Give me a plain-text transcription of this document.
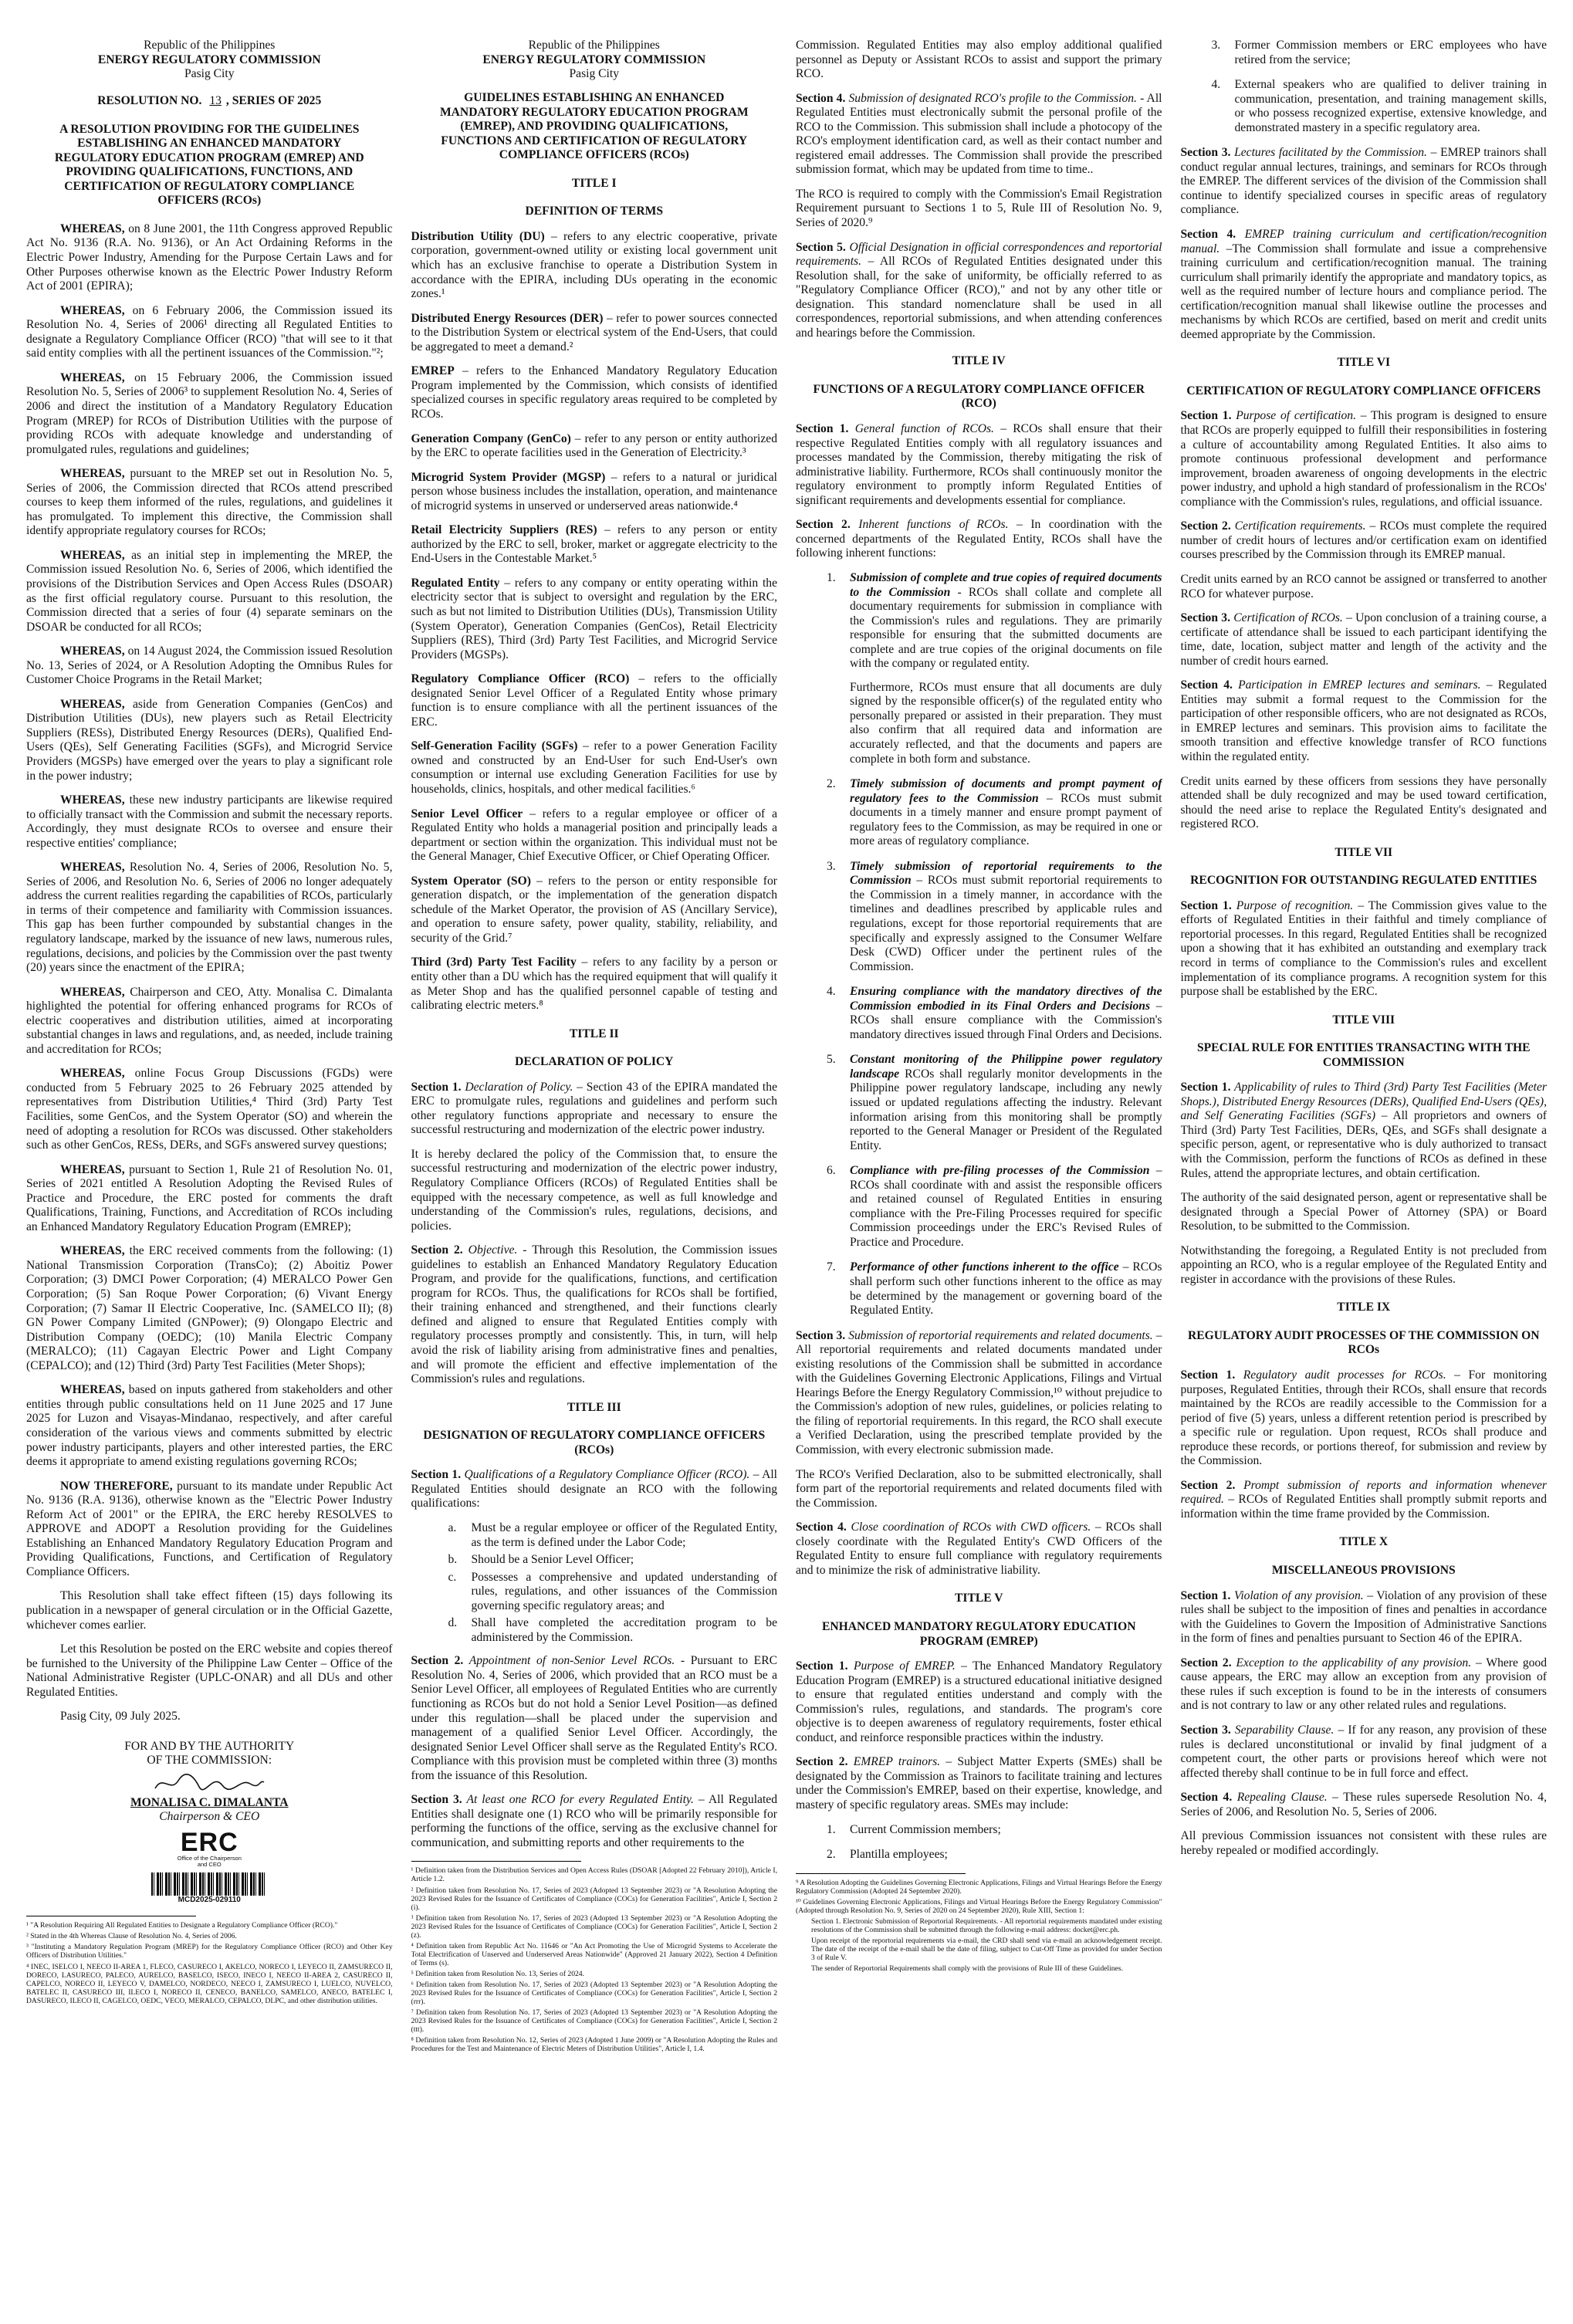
Republic of the Philippines
ENERGY REGULATORY COMMISSION
Pasig City
RESOLUTION NO. 13 , SERIES OF 2025
A RESOLUTION PROVIDING FOR THE GUIDELINES ESTABLISHING AN ENHANCED MANDATORY REGULATORY EDUCATION PROGRAM (EMREP) AND PROVIDING QUALIFICATIONS, FUNCTIONS, AND CERTIFICATION OF REGULATORY COMPLIANCE OFFICERS (RCOs)

WHEREAS, on 8 June 2001, the 11th Congress approved Republic Act No. 9136 (R.A. No. 9136), or An Act Ordaining Reforms in the Electric Power Industry, Amending for the Purpose Certain Laws and for Other Purposes otherwise known as the Electric Power Industry Reform Act of 2001 (EPIRA);

WHEREAS, on 6 February 2006, the Commission issued its Resolution No. 4, Series of 2006¹ directing all Regulated Entities to designate a Regulatory Compliance Officer (RCO) "that will see to it that said entity complies with all the pertinent issuances of the Commission."²;

WHEREAS, on 15 February 2006, the Commission issued Resolution No. 5, Series of 2006³ to supplement Resolution No. 4, Series of 2006 and direct the institution of a Mandatory Regulatory Education Program (MREP) for RCOs of Distribution Utilities with the purpose of providing RCOs with adequate knowledge and understanding of promulgated rules, regulations and guidelines;

WHEREAS, pursuant to the MREP set out in Resolution No. 5, Series of 2006, the Commission directed that RCOs attend prescribed courses to keep them informed of the rules, regulations, and guidelines it has promulgated. To implement this directive, the Commission shall identify appropriate regulatory courses for RCOs;

WHEREAS, as an initial step in implementing the MREP, the Commission issued Resolution No. 6, Series of 2006, which identified the provisions of the Distribution Services and Open Access Rules (DSOAR) as the first official regulatory course. Pursuant to this resolution, the Commission directed that a series of four (4) separate seminars on the DSOAR be conducted for all RCOs;

WHEREAS, on 14 August 2024, the Commission issued Resolution No. 13, Series of 2024, or A Resolution Adopting the Omnibus Rules for Customer Choice Programs in the Retail Market;

WHEREAS, aside from Generation Companies (GenCos) and Distribution Utilities (DUs), new players such as Retail Electricity Suppliers (RESs), Distributed Energy Resources (DERs), Qualified End-Users (QEs), Self Generating Facilities (SGFs), and Microgrid Service Providers (MGSPs) have emerged over the years to play a significant role in the power industry;

WHEREAS, these new industry participants are likewise required to officially transact with the Commission and submit the necessary reports. Accordingly, they must designate RCOs to oversee and ensure their respective entities' compliance;

WHEREAS, Resolution No. 4, Series of 2006, Resolution No. 5, Series of 2006, and Resolution No. 6, Series of 2006 no longer adequately address the current realities regarding the capabilities of RCOs, particularly in terms of their competence and familiarity with Commission issuances. This gap has been further compounded by substantial changes in the regulatory landscape, marked by the issuance of new laws, numerous rules, regulations, decisions, and policies by the Commission over the past twenty (20) years since the enactment of the EPIRA;

WHEREAS, Chairperson and CEO, Atty. Monalisa C. Dimalanta highlighted the potential for offering enhanced programs for RCOs of electric cooperatives and distribution utilities, aimed at incorporating substantial changes in laws and regulations, and, as needed, include training and accreditation for RCOs;

WHEREAS, online Focus Group Discussions (FGDs) were conducted from 5 February 2025 to 26 February 2025 attended by representatives from Distribution Utilities,⁴ Third (3rd) Party Test Facilities, some GenCos, and the System Operator (SO) and wherein the need of adopting a resolution for RCOs was discussed. Other stakeholders such as other GenCos, RESs, DERs, and SGFs answered survey questions;

WHEREAS, pursuant to Section 1, Rule 21 of Resolution No. 01, Series of 2021 entitled A Resolution Adopting the Revised Rules of Practice and Procedure, the ERC posted for comments the draft Qualifications, Training, Functions, and Accreditation of RCOs including an Enhanced Mandatory Regulatory Education Program (EMREP);

WHEREAS, the ERC received comments from the following: (1) National Transmission Corporation (TransCo); (2) Aboitiz Power Corporation; (3) DMCI Power Corporation; (4) MERALCO Power Gen Corporation; (5) San Roque Power Corporation; (6) Vivant Energy Corporation; (7) Samar II Electric Cooperative, Inc. (SAMELCO II); (8) GN Power Company Limited (GNPower); (9) Olongapo Electric and Distribution Company (OEDC); (10) Manila Electric Company (MERALCO); (11) Cagayan Electric Power and Light Company (CEPALCO); and (12) Third (3rd) Party Test Facilities (Meter Shops);

WHEREAS, based on inputs gathered from stakeholders and other entities through public consultations held on 11 June 2025 and 17 June 2025 for Luzon and Visayas-Mindanao, respectively, and after careful consideration of the various views and comments submitted by electric power industry participants, players and other interested parties, the ERC deems it appropriate to amend existing regulations governing RCOs;

NOW THEREFORE, pursuant to its mandate under Republic Act No. 9136 (R.A. 9136), otherwise known as the "Electric Power Industry Reform Act of 2001" or the EPIRA, the ERC hereby RESOLVES to APPROVE and ADOPT a Resolution providing for the Guidelines Establishing an Enhanced Mandatory Regulatory Education Program and Providing Qualifications, Functions, and Certification of Regulatory Compliance Officers.

This Resolution shall take effect fifteen (15) days following its publication in a newspaper of general circulation or in the Official Gazette, whichever comes earlier.

Let this Resolution be posted on the ERC website and copies thereof be furnished to the University of the Philippine Law Center – Office of the National Administrative Register (UPLC-ONAR) and all DUs and other Regulated Entities.

Pasig City, 09 July 2025.

FOR AND BY THE AUTHORITY
OF THE COMMISSION:
MONALISA C. DIMALANTA
Chairperson & CEO
ERC
Office of the Chairperson and CEO
MCD2025-029110
¹ "A Resolution Requiring All Regulated Entities to Designate a Regulatory Compliance Officer (RCO)."
² Stated in the 4th Whereas Clause of Resolution No. 4, Series of 2006.
³ "Instituting a Mandatory Regulation Program (MREP) for the Regulatory Compliance Officer (RCO) and Other Key Officers of Distribution Utilities."
⁴ INEC, ISELCO I, NEECO II-AREA 1, FLECO, CASURECO I, AKELCO, NORECO I, LEYECO II, ZAMSURECO II, DORECO, LASURECO, PALECO, AURELCO, BASELCO, ISECO, INECO I, NEECO II-AREA 2, CASURECO II, CAPELCO, NORECO II, LEYECO V, DAMELCO, NORDECO, NEECO I, ZAMSURECO I, LUELCO, NUVELCO, BATELEC II, CASURECO III, ILECO I, NORECO II, CENECO, BANELCO, SAMELCO, ANECO, BATELEC I, DASURECO, ILECO II, CAGELCO, OEDC, VECO, MERALCO, CEPALCO, DLPC, and other distribution utilities.
Republic of the Philippines
ENERGY REGULATORY COMMISSION
Pasig City
GUIDELINES ESTABLISHING AN ENHANCED MANDATORY REGULATORY EDUCATION PROGRAM (EMREP), AND PROVIDING QUALIFICATIONS, FUNCTIONS AND CERTIFICATION OF REGULATORY COMPLIANCE OFFICERS (RCOs)
TITLE I
DEFINITION OF TERMS

Distribution Utility (DU) – refers to any electric cooperative, private corporation, government-owned utility or existing local government unit which has an exclusive franchise to operate a Distribution System in accordance with the EPIRA, including DUs operating in the economic zones.¹

Distributed Energy Resources (DER) – refer to power sources connected to the Distribution System or electrical system of the End-Users, that could be aggregated to meet a demand.²

EMREP – refers to the Enhanced Mandatory Regulatory Education Program implemented by the Commission, which consists of identified specialized courses in specific regulatory areas required to be completed by RCOs.

Generation Company (GenCo) – refer to any person or entity authorized by the ERC to operate facilities used in the Generation of Electricity.³

Microgrid System Provider (MGSP) – refers to a natural or juridical person whose business includes the installation, operation, and maintenance of microgrid systems in unserved or underserved areas nationwide.⁴

Retail Electricity Suppliers (RES) – refers to any person or entity authorized by the ERC to sell, broker, market or aggregate electricity to the End-Users in the Contestable Market.⁵

Regulated Entity – refers to any company or entity operating within the electricity sector that is subject to oversight and regulation by the ERC, such as but not limited to Distribution Utilities (DUs), Transmission Utility (System Operator), Generation Companies (GenCos), Retail Electricity Suppliers (RES), Third (3rd) Party Test Facilities, and Microgrid Service Providers (MGSPs).

Regulatory Compliance Officer (RCO) – refers to the officially designated Senior Level Officer of a Regulated Entity whose primary function is to ensure compliance with all the pertinent issuances of the ERC.

Self-Generation Facility (SGFs) – refer to a power Generation Facility owned and constructed by an End-User for such End-User's own consumption or internal use excluding Generation Facilities for use by households, clinics, hospitals, and other medical facilities.⁶

Senior Level Officer – refers to a regular employee or officer of a Regulated Entity who holds a managerial position and principally leads a department or section within the organization. This individual must not be the General Manager, Chief Executive Officer, or Chief Operating Officer.

System Operator (SO) – refers to the person or entity responsible for generation dispatch, or the implementation of the generation dispatch schedule of the Market Operator, the provision of AS (Ancillary Service), and operation to ensure safety, power quality, stability, reliability, and security of the Grid.⁷

Third (3rd) Party Test Facility – refers to any facility by a person or entity other than a DU which has the required equipment that will qualify it as Meter Shop and has the qualified personnel capable of testing and calibrating electric meters.⁸

TITLE II
DECLARATION OF POLICY

Section 1. Declaration of Policy. – Section 43 of the EPIRA mandated the ERC to promulgate rules, regulations and guidelines and perform such other regulatory functions appropriate and necessary to ensure the successful restructuring and modernization of the electric power industry.

It is hereby declared the policy of the Commission that, to ensure the successful restructuring and modernization of the electric power industry, Regulatory Compliance Officers (RCOs) of Regulated Entities shall be equipped with the necessary competence, as well as full knowledge and understanding of the Commission's rules, regulations, decisions, and policies.

Section 2. Objective. - Through this Resolution, the Commission issues guidelines to establish an Enhanced Mandatory Regulatory Education Program, and provide for the qualifications, functions, and certification program for RCOs. Thus, the qualifications for RCOs shall be fortified, their training enhanced and strengthened, and their functions clearly defined and aligned to ensure that Regulated Entities comply with regulatory processes promptly and consistently. This, in turn, will help avoid the risk of liability arising from administrative fines and penalties, and will promote the efficient and effective implementation of the Commission's rules and regulations.

TITLE III
DESIGNATION OF REGULATORY COMPLIANCE OFFICERS (RCOs)

Section 1. Qualifications of a Regulatory Compliance Officer (RCO). – All Regulated Entities should designate an RCO with the following qualifications:

a. Must be a regular employee or officer of the Regulated Entity, as the term is defined under the Labor Code;
b. Should be a Senior Level Officer;
c. Possesses a comprehensive and updated understanding of rules, regulations, and other issuances of the Commission governing specific regulatory areas; and
d. Shall have completed the accreditation program to be administered by the Commission.

Section 2. Appointment of non-Senior Level RCOs. - Pursuant to ERC Resolution No. 4, Series of 2006, which provided that an RCO must be a Senior Level Officer, all employees of Regulated Entities who are currently functioning as RCOs but do not hold a Senior Level Position—as defined under this regulation—shall be placed under the supervision and management of a qualified Senior Level Officer. Accordingly, the designated Senior Level Officer shall serve as the Regulated Entity's RCO. Compliance with this provision must be completed within three (3) months from the issuance of this Resolution.

Section 3. At least one RCO for every Regulated Entity. – All Regulated Entities shall designate one (1) RCO who will be primarily responsible for performing the functions of the office, serving as the exclusive channel for communication, and submitting reports and other requirements to the

¹ Definition taken from the Distribution Services and Open Access Rules (DSOAR [Adopted 22 February 2010]), Article I, Article 1.2.
² Definition taken from Resolution No. 17, Series of 2023 (Adopted 13 September 2023) or "A Resolution Adopting the 2023 Revised Rules for the Issuance of Certificates of Compliance (COCs) for Generation Facilities", Article I, Section 2 (i).
³ Definition taken from Resolution No. 17, Series of 2023 (Adopted 13 September 2023) or "A Resolution Adopting the 2023 Revised Rules for the Issuance of Certificates of Compliance (COCs) for Generation Facilities", Article I, Section 2 (z).
⁴ Definition taken from Republic Act No. 11646 or "An Act Promoting the Use of Microgrid Systems to Accelerate the Total Electrification of Unserved and Underserved Areas Nationwide" (Approved 21 January 2022), Section 4 Definition of Terms (s).
⁵ Definition taken from Resolution No. 13, Series of 2024.
⁶ Definition taken from Resolution No. 17, Series of 2023 (Adopted 13 September 2023) or "A Resolution Adopting the 2023 Revised Rules for the Issuance of Certificates of Compliance (COCs) for Generation Facilities", Article I, Section 2 (rrr).
⁷ Definition taken from Resolution No. 17, Series of 2023 (Adopted 13 September 2023) or "A Resolution Adopting the 2023 Revised Rules for the Issuance of Certificates of Compliance (COCs) for Generation Facilities", Article I, Section 2 (ttt).
⁸ Definition taken from Resolution No. 12, Series of 2023 (Adopted 1 June 2009) or "A Resolution Adopting the Rules and Procedures for the Test and Maintenance of Electric Meters of Distribution Utilities", Article I, 1.4.

Commission. Regulated Entities may also employ additional qualified personnel as Deputy or Assistant RCOs to assist and support the primary RCO.

Section 4. Submission of designated RCO's profile to the Commission. - All Regulated Entities must electronically submit the personal profile of the RCO to the Commission. This submission shall include a photocopy of the RCO's employment identification card, as well as their contact number and registered email addresses. The Commission shall provide the prescribed submission format, which may be updated from time to time..

The RCO is required to comply with the Commission's Email Registration Requirement pursuant to Sections 1 to 5, Rule III of Resolution No. 9, Series of 2020.⁹

Section 5. Official Designation in official correspondences and reportorial requirements. – All RCOs of Regulated Entities designated under this Resolution shall, for the sake of uniformity, be officially referred to as "Regulatory Compliance Officer (RCO)," and not by any other title or designation. This standard nomenclature shall be used in all correspondences, reportorial submissions, and when attending conferences and hearings before the Commission.

TITLE IV
FUNCTIONS OF A REGULATORY COMPLIANCE OFFICER (RCO)

Section 1. General function of RCOs. – RCOs shall ensure that their respective Regulated Entities comply with all regulatory issuances and processes mandated by the Commission, thereby mitigating the risk of administrative liability. Furthermore, RCOs shall continuously monitor the regulatory environment to promptly inform Regulated Entities of significant requirements and developments essential for compliance.

Section 2. Inherent functions of RCOs. – In coordination with the concerned departments of the Regulated Entity, RCOs shall have the following inherent functions:

1. Submission of complete and true copies of required documents to the Commission - RCOs shall collate and complete all documentary requirements for submission in compliance with the Commission's rules and regulations. They are primarily responsible for ensuring that the submitted documents are complete and are true copies of the original documents on file with the company or regulated entity.
Furthermore, RCOs must ensure that all documents are duly signed by the responsible officer(s) of the regulated entity who personally prepared or assisted in their preparation. They must also confirm that all required data and information are accurately reflected, and that the documents and papers are complete in both form and substance.
2. Timely submission of documents and prompt payment of regulatory fees to the Commission – RCOs must submit documents in a timely manner and ensure prompt payment of regulatory fees to the Commission, as may be required in one or more areas of regulatory compliance.
3. Timely submission of reportorial requirements to the Commission – RCOs must submit reportorial requirements to the Commission in a timely manner, in accordance with the timelines and deadlines prescribed by applicable rules and regulations, except for those reportorial requirements that are specifically and expressly assigned to the Consumer Welfare Desk (CWD) Officer under the pertinent rules of the Commission.
4. Ensuring compliance with the mandatory directives of the Commission embodied in its Final Orders and Decisions – RCOs shall ensure compliance with the Commission's mandatory directives issued through Final Orders and Decisions.
5. Constant monitoring of the Philippine power regulatory landscape RCOs shall regularly monitor developments in the Philippine power regulatory landscape, including any newly issued or updated regulations affecting the industry. Relevant information arising from this monitoring shall be promptly reported to the General Manager or President of the Regulated Entity.
6. Compliance with pre-filing processes of the Commission – RCOs shall coordinate with and assist the responsible officers and retained counsel of Regulated Entities in ensuring compliance with the Pre-Filing Processes required for specific Commission proceedings under the ERC's Revised Rules of Practice and Procedure.
7. Performance of other functions inherent to the office – RCOs shall perform such other functions inherent to the office as may be determined by the management or governing board of the Regulated Entity.

Section 3. Submission of reportorial requirements and related documents. – All reportorial requirements and related documents mandated under existing resolutions of the Commission shall be submitted in accordance with the Guidelines Governing Electronic Applications, Filings and Virtual Hearings Before the Energy Regulatory Commission,¹⁰ without prejudice to the Commission's adoption of new rules, guidelines, or policies relating to the filing of reportorial requirements. In this regard, the RCO shall execute a Verified Declaration, using the prescribed template provided by the Commission, with every electronic submission made.

The RCO's Verified Declaration, also to be submitted electronically, shall form part of the reportorial requirements and related documents filed with the Commission.

Section 4. Close coordination of RCOs with CWD officers. – RCOs shall closely coordinate with the Regulated Entity's CWD Officers of the Regulated Entity to ensure full compliance with regulatory requirements and to minimize the risk of administrative liability.

TITLE V
ENHANCED MANDATORY REGULATORY EDUCATION PROGRAM (EMREP)

Section 1. Purpose of EMREP. – The Enhanced Mandatory Regulatory Education Program (EMREP) is a structured educational initiative designed to ensure that regulated entities understand and comply with the Commission's rules, regulations, and standards. The program's core objective is to deepen awareness of regulatory requirements, foster ethical conduct, and reinforce responsible practices within the industry.

Section 2. EMREP trainors. – Subject Matter Experts (SMEs) shall be designated by the Commission as Trainors to facilitate training and lectures under the Commission's EMREP, based on their expertise, knowledge, and mastery of specific regulatory areas. SMEs may include:

1. Current Commission members;
2. Plantilla employees;
⁹ A Resolution Adopting the Guidelines Governing Electronic Applications, Filings and Virtual Hearings Before the Energy Regulatory Commission (Adopted 24 September 2020).
¹⁰ Guidelines Governing Electronic Applications, Filings and Virtual Hearings Before the Energy Regulatory Commission" (Adopted through Resolution No. 9, Series of 2020 on 24 September 2020), Rule XIII, Section 1:
Section 1. Electronic Submission of Reportorial Requirements. - All reportorial requirements mandated under existing resolutions of the Commission shall be submitted through the following e-mail address: docket@erc.ph.
Upon receipt of the reportorial requirements via e-mail, the CRD shall send via e-mail an acknowledgement receipt. The date of the receipt of the e-mail shall be the date of filing, subject to Cut-Off Time as provided for under Section 3 of Rule V.
The sender of Reportorial Requirements shall comply with the provisions of Rule III of these Guidelines.
3. Former Commission members or ERC employees who have retired from the service;
4. External speakers who are qualified to deliver training in communication, presentation, and training management skills, or who possess recognized expertise, extensive knowledge, and demonstrated mastery in a specific regulatory area.

Section 3. Lectures facilitated by the Commission. – EMREP trainors shall conduct regular annual lectures, trainings, and seminars for RCOs through the EMREP. The different services of the division of the Commission shall continue to identify specialized courses in specific areas of regulatory compliance.

Section 4. EMREP training curriculum and certification/recognition manual. –The Commission shall formulate and issue a comprehensive training curriculum and certification/recognition manual. The training curriculum shall primarily identify the appropriate and mandatory topics, as well as the required number of lecture hours and compliance period. The certification/recognition manual shall likewise outline the processes and mechanisms by which RCOs are certified, based on merit and credit units deemed appropriate by the Commission.

TITLE VI
CERTIFICATION OF REGULATORY COMPLIANCE OFFICERS

Section 1. Purpose of certification. – This program is designed to ensure that RCOs are properly equipped to fulfill their responsibilities in fostering a culture of accountability among Regulated Entities. It also aims to promote continuous professional development and performance improvement, broaden awareness of ongoing developments in the electric power industry, and uphold a high standard of professionalism in the RCOs' compliance with the Commission's rules, regulations, and official issuance.

Section 2. Certification requirements. – RCOs must complete the required number of credit hours of lectures and/or certification exam on identified courses prescribed by the Commission through its EMREP manual.

Credit units earned by an RCO cannot be assigned or transferred to another RCO for whatever purpose.

Section 3. Certification of RCOs. – Upon conclusion of a training course, a certificate of attendance shall be issued to each participant identifying the time, date, location, subject matter and length of the activity and the number of credit hours earned.

Section 4. Participation in EMREP lectures and seminars. – Regulated Entities may submit a formal request to the Commission for the participation of other responsible officers, who are not designated as RCOs, in EMREP lectures and seminars. This provision aims to facilitate the smooth transition and effective knowledge transfer of RCO functions within the regulated entity.

Credit units earned by these officers from sessions they have personally attended shall be duly recognized and may be used toward certification, should the need arise to replace the Regulated Entity's designated and registered RCO.

TITLE VII
RECOGNITION FOR OUTSTANDING REGULATED ENTITIES

Section 1. Purpose of recognition. – The Commission gives value to the efforts of Regulated Entities in their faithful and timely compliance of reportorial processes. In this regard, Regulated Entities shall be recognized upon a showing that it has exhibited an outstanding and exemplary track record in terms of compliance to the Commission's rules and excellent implementation of its compliance programs. A recognition system for this purpose shall be established by the ERC.

TITLE VIII
SPECIAL RULE FOR ENTITIES TRANSACTING WITH THE COMMISSION

Section 1. Applicability of rules to Third (3rd) Party Test Facilities (Meter Shops.), Distributed Energy Resources (DERs), Qualified End-Users (QEs), and Self Generating Facilities (SGFs) – All proprietors and owners of Third (3rd) Party Test Facilities, DERs, QEs, and SGFs shall designate a specific person, agent, or representative who is duly authorized to transact with the Commission, perform the functions of RCOs as defined in these Rules, attend the appropriate lectures, and obtain certification.

The authority of the said designated person, agent or representative shall be designated through a Special Power of Attorney (SPA) or Board Resolution, to be submitted to the Commission.

Notwithstanding the foregoing, a Regulated Entity is not precluded from appointing an RCO, who is a regular employee of the Regulated Entity and register in accordance with the provisions of these Rules.

TITLE IX
REGULATORY AUDIT PROCESSES OF THE COMMISSION ON RCOs

Section 1. Regulatory audit processes for RCOs. – For monitoring purposes, Regulated Entities, through their RCOs, shall ensure that records maintained by the RCOs are readily accessible to the Commission for a period of five (5) years, unless a different retention period is prescribed by a specific rule or regulation. Upon request, RCOs shall produce and reproduce these records, or portions thereof, for submission and review by the Commission.

Section 2. Prompt submission of reports and information whenever required. – RCOs of Regulated Entities shall promptly submit reports and information within the time frame provided by the Commission.

TITLE X
MISCELLANEOUS PROVISIONS

Section 1. Violation of any provision. – Violation of any provision of these rules shall be subject to the imposition of fines and penalties in accordance with the Guidelines to Govern the Imposition of Administrative Sanctions in the form of fines and penalties pursuant to Section 46 of the EPIRA.

Section 2. Exception to the applicability of any provision. – Where good cause appears, the ERC may allow an exception from any provision of these rules if such exception is found to be in the interests of consumers and is not contrary to law or any other related rules and regulations.

Section 3. Separability Clause. – If for any reason, any provision of these rules is declared unconstitutional or invalid by final judgment of a competent court, the other parts or provisions hereof which were not affected thereby shall continue to be in full force and effect.

Section 4. Repealing Clause. – These rules supersede Resolution No. 4, Series of 2006, and Resolution No. 5, Series of 2006.

All previous Commission issuances not consistent with these rules are hereby repealed or modified accordingly.
